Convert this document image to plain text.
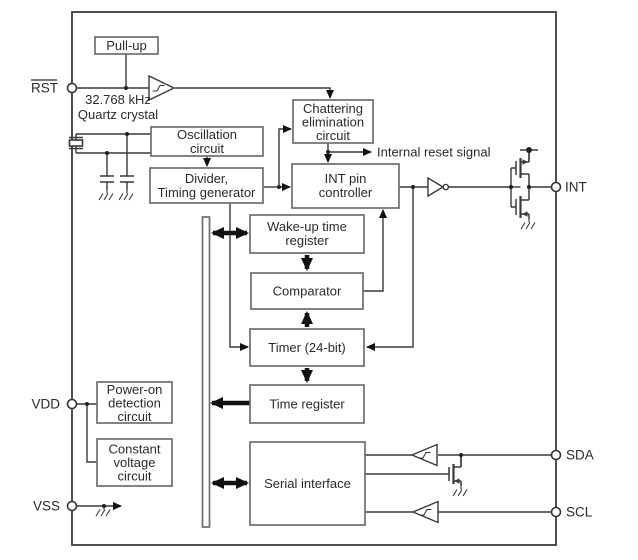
Pull-up
Oscillation
circuit
Divider,
Timing generator
Chattering
elimination
circuit
INT pin
controller
Wake-up time
register
Comparator
Timer (24-bit)
Time register
Serial interface
Power-on
detection
circuit
Constant
voltage
circuit
RST
VDD
VSS
INT
SDA
SCL
32.768 kHz
Quartz crystal
Internal reset signal
